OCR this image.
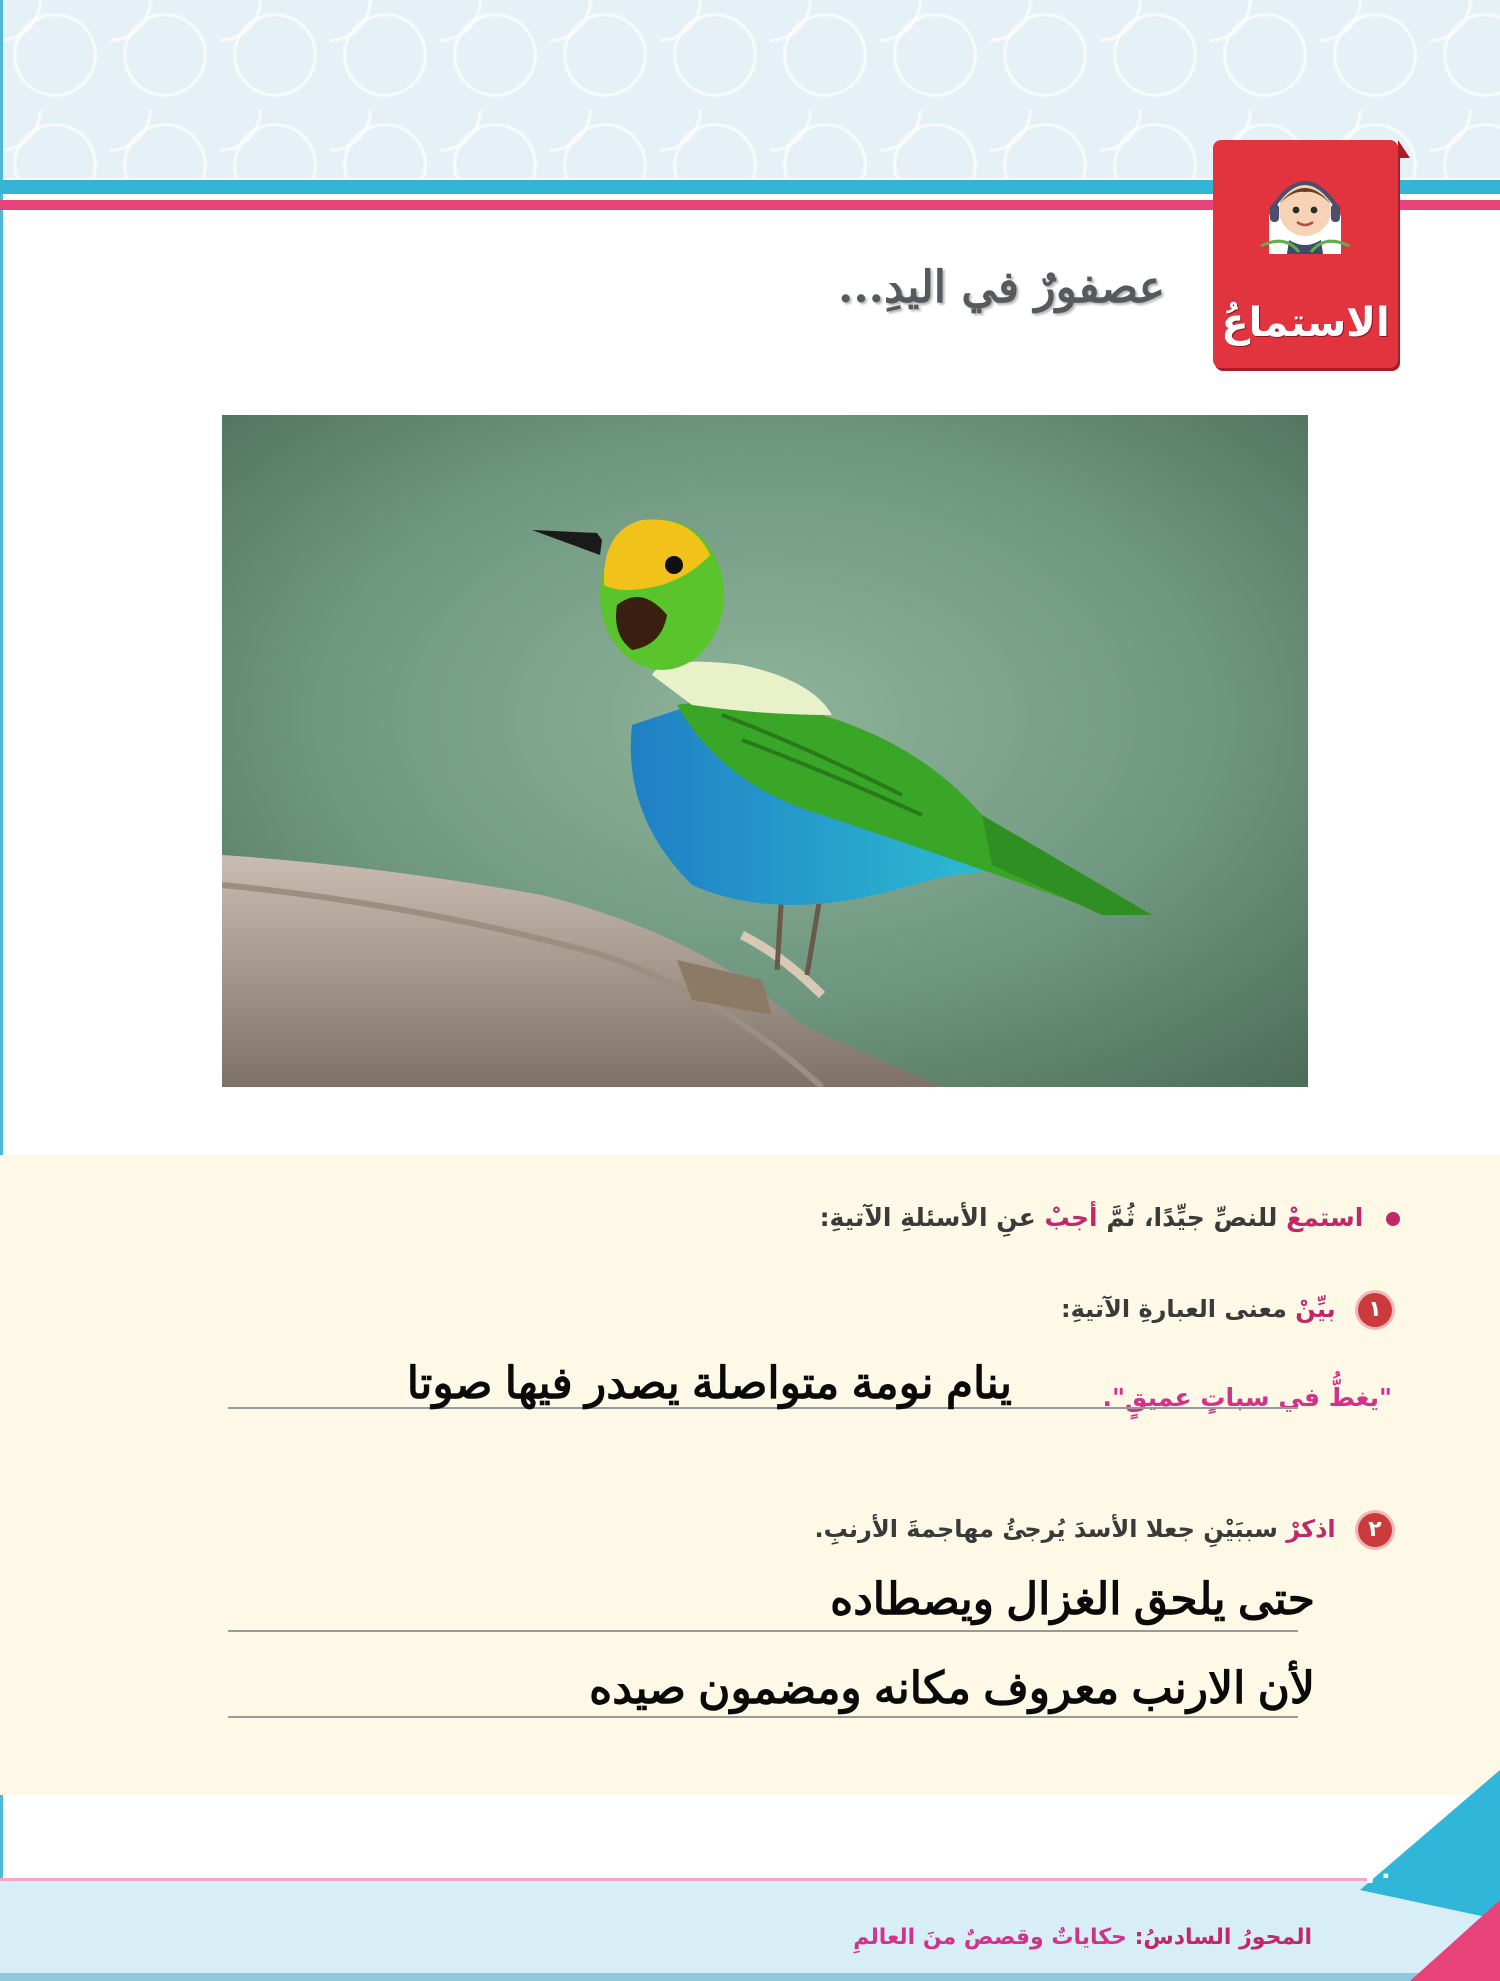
الاستماعُ
عصفورٌ في اليدِ...
استمعْ للنصِّ جيِّدًا، ثُمَّ أجبْ عنِ الأسئلةِ الآتيةِ:
١ بيِّنْ معنى العبارةِ الآتيةِ:
"يغطُّ في سباتٍ عميقٍ".
ينام نومة متواصلة يصدر فيها صوتا
٢ اذكرْ سببَيْنِ جعلا الأسدَ يُرجئُ مهاجمةَ الأرنبِ.
حتى يلحق الغزال ويصطاده
لأن الارنب معروف مكانه ومضمون صيده
٧٠
المحورُ السادسُ: حكاياتٌ وقصصٌ منَ العالمِ
